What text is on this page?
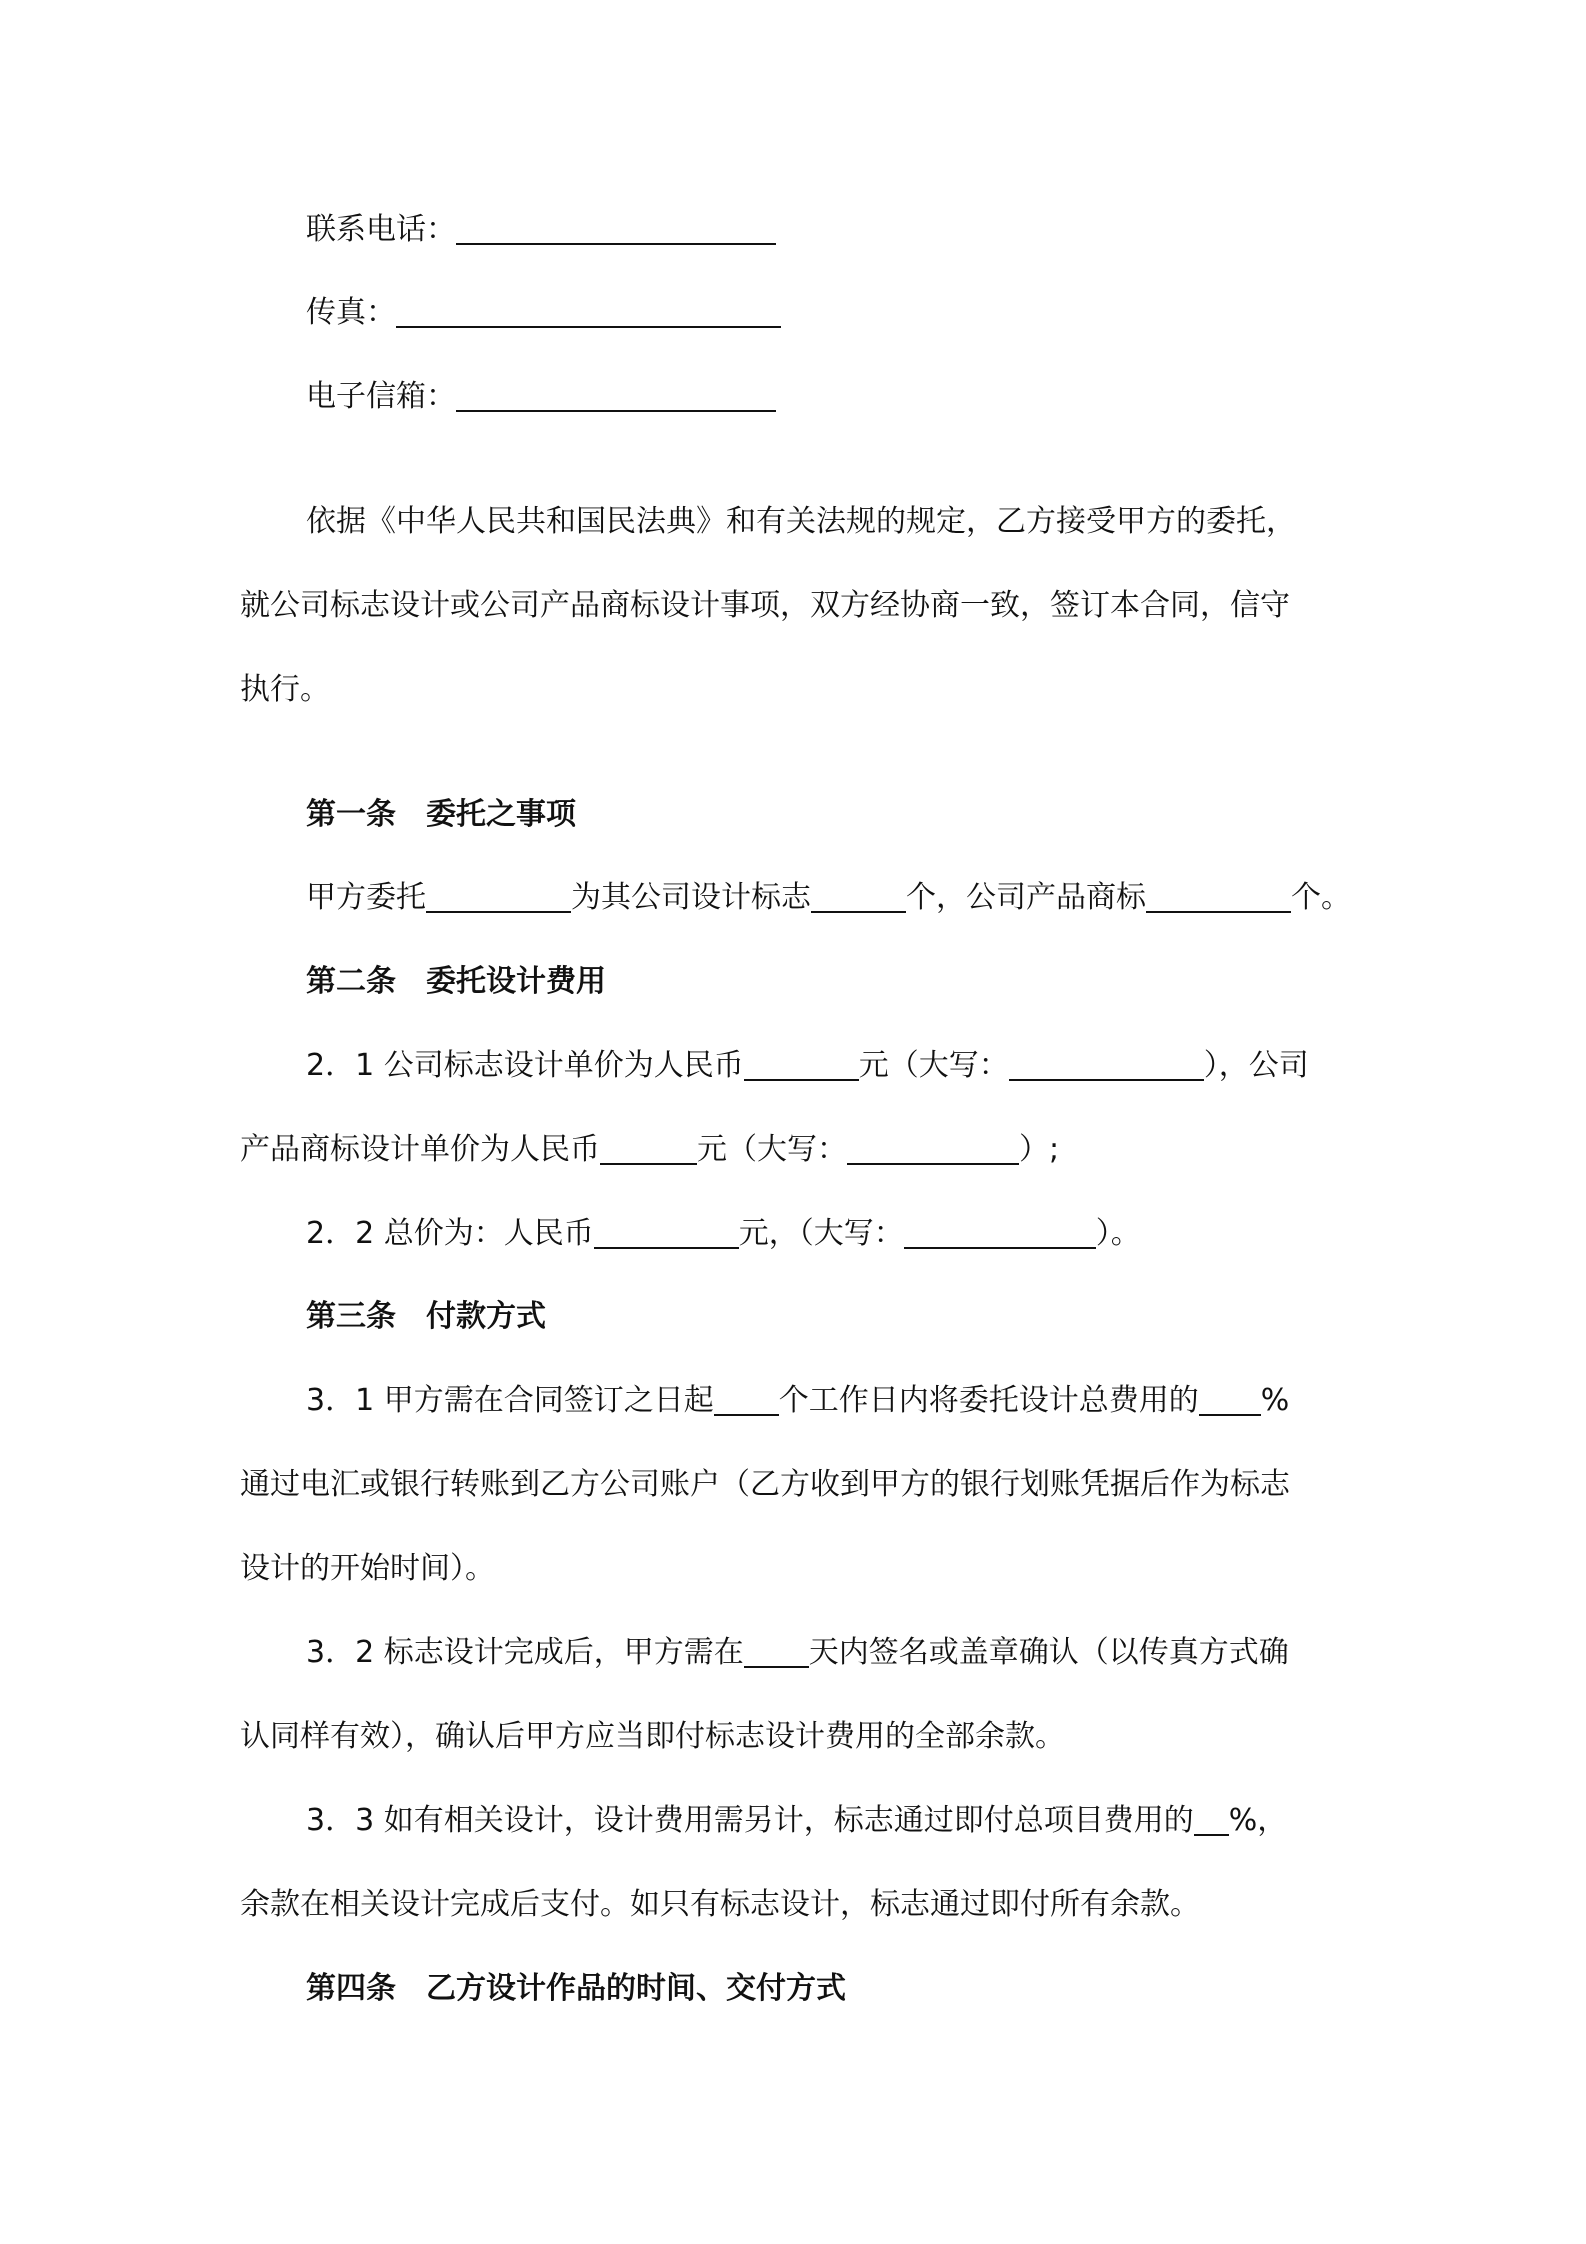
联系电话：
传真：
电子信箱：
依据《中华人民共和国民法典》和有关法规的规定，乙方接受甲方的委托，
就公司标志设计或公司产品商标设计事项，双方经协商一致，签订本合同，信守
执行。
第一条 委托之事项
甲方委托	为其公司设计标志	个，公司产品商标	个。
第二条 委托设计费用
2．1 公司标志设计单价为人民币	元（大写：	），公司
产品商标设计单价为人民币	元（大写：	）;
2．2 总价为：人民币	元，（大写：	）。
第三条 付款方式
3．1 甲方需在合同签订之日起 个工作日内将委托设计总费用的 %
通过电汇或银行转账到乙方公司账户（乙方收到甲方的银行划账凭据后作为标志
设计的开始时间）。
3．2 标志设计完成后，甲方需在 天内签名或盖章确认（以传真方式确
认同样有效），确认后甲方应当即付标志设计费用的全部余款。
3．3 如有相关设计，设计费用需另计，标志通过即付总项目费用的 %，
余款在相关设计完成后支付。如只有标志设计，标志通过即付所有余款。
第四条 乙方设计作品的时间、交付方式
